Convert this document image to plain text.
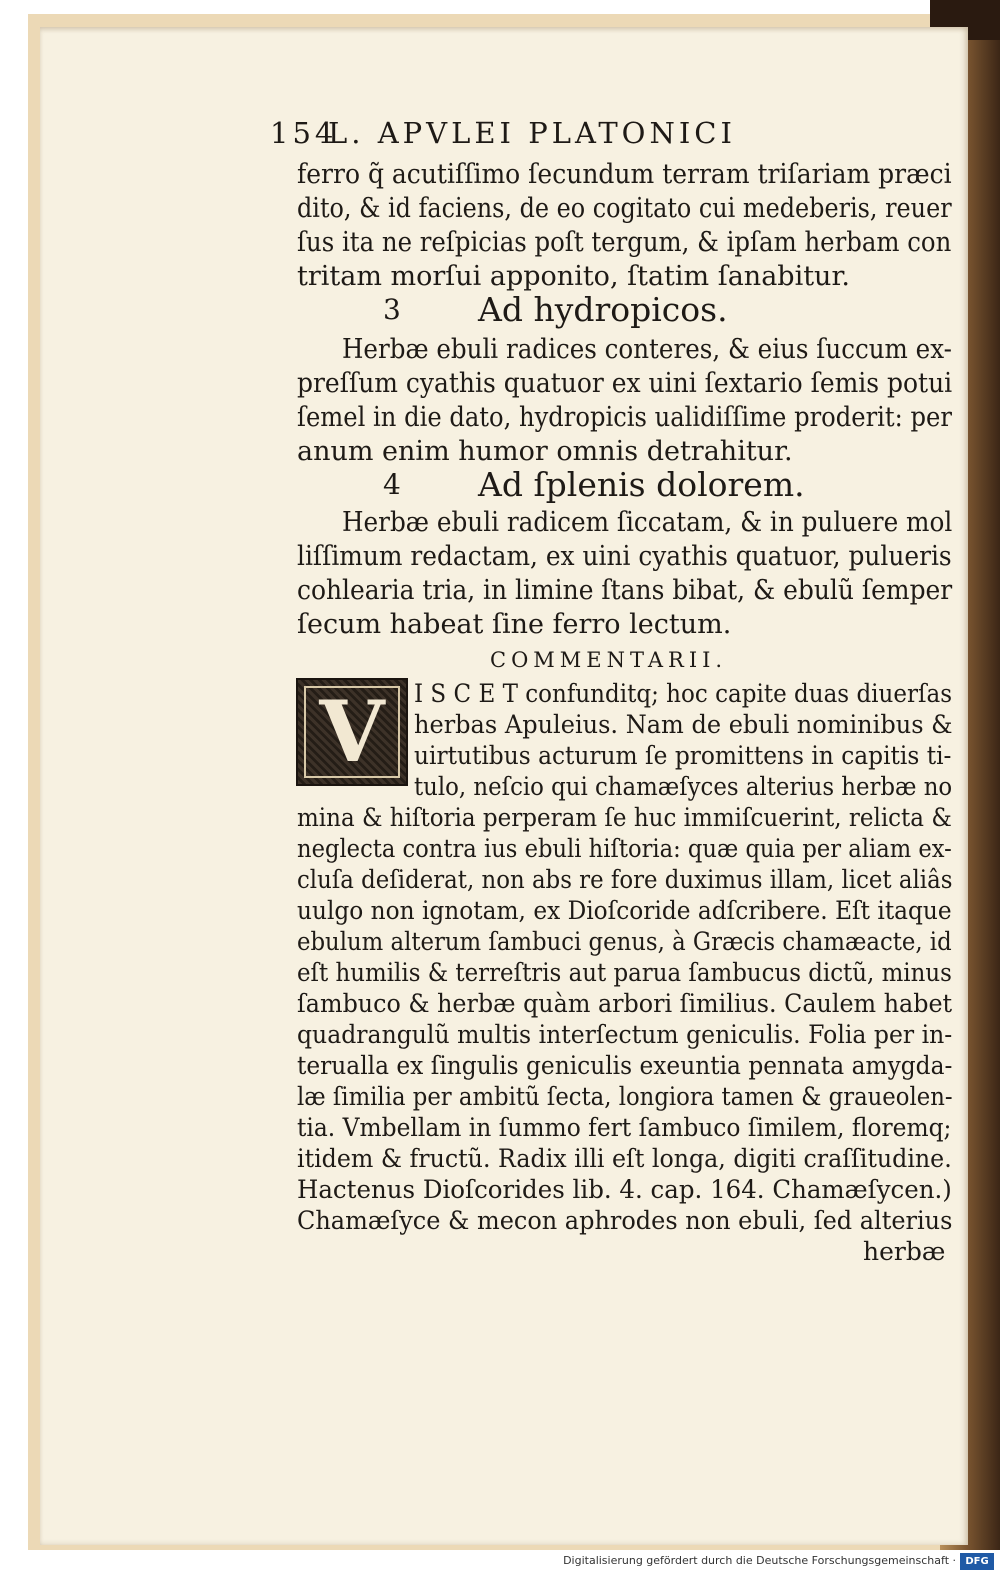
154
L. APVLEI PLATONICI
ferro q̃ acutiſſimo ſecundum terram triſariam præci
dito, & id faciens, de eo cogitato cui medeberis, reuer
ſus ita ne reſpicias poſt tergum, & ipſam herbam con
tritam morſui apponito, ſtatim ſanabitur.
3 Ad hydropicos.
Herbæ ebuli radices conteres, & eius ſuccum ex-
preſſum cyathis quatuor ex uini ſextario ſemis potui
ſemel in die dato, hydropicis ualidiſſime proderit: per
anum enim humor omnis detrahitur.
4 Ad ſplenis dolorem.
Herbæ ebuli radicem ſiccatam, & in puluere mol
liſſimum redactam, ex uini cyathis quatuor, pulueris
cohlearia tria, in limine ſtans bibat, & ebulũ ſemper
ſecum habeat ſine ferro lectum.
COMMENTARII.
V	I S C E T confunditq; hoc capite duas diuerſas
herbas Apuleius. Nam de ebuli nominibus &
uirtutibus acturum ſe promittens in capitis ti-
tulo, neſcio qui chamæſyces alterius herbæ no
mina & hiſtoria perperam ſe huc immiſcuerint, relicta &
neglecta contra ius ebuli hiſtoria: quæ quia per aliam ex-
cluſa deſiderat, non abs re fore duximus illam, licet aliâs
uulgo non ignotam, ex Dioſcoride adſcribere. Eſt itaque
ebulum alterum ſambuci genus, à Græcis chamæacte, id
eſt humilis & terreſtris aut parua ſambucus dictũ, minus
ſambuco & herbæ quàm arbori ſimilius. Caulem habet
quadrangulũ multis interſectum geniculis. Folia per in-
terualla ex ſingulis geniculis exeuntia pennata amygda-
læ ſimilia per ambitũ ſecta, longiora tamen & graueolen-
tia. Vmbellam in ſummo fert ſambuco ſimilem, floremq;
itidem & fructũ. Radix illi eſt longa, digiti craſſitudine.
Hactenus Dioſcorides lib. 4. cap. 164. Chamæſycen.)
Chamæſyce & mecon aphrodes non ebuli, ſed alterius
herbæ
Digitalisierung gefördert durch die Deutsche Forschungsgemeinschaft · DFG
